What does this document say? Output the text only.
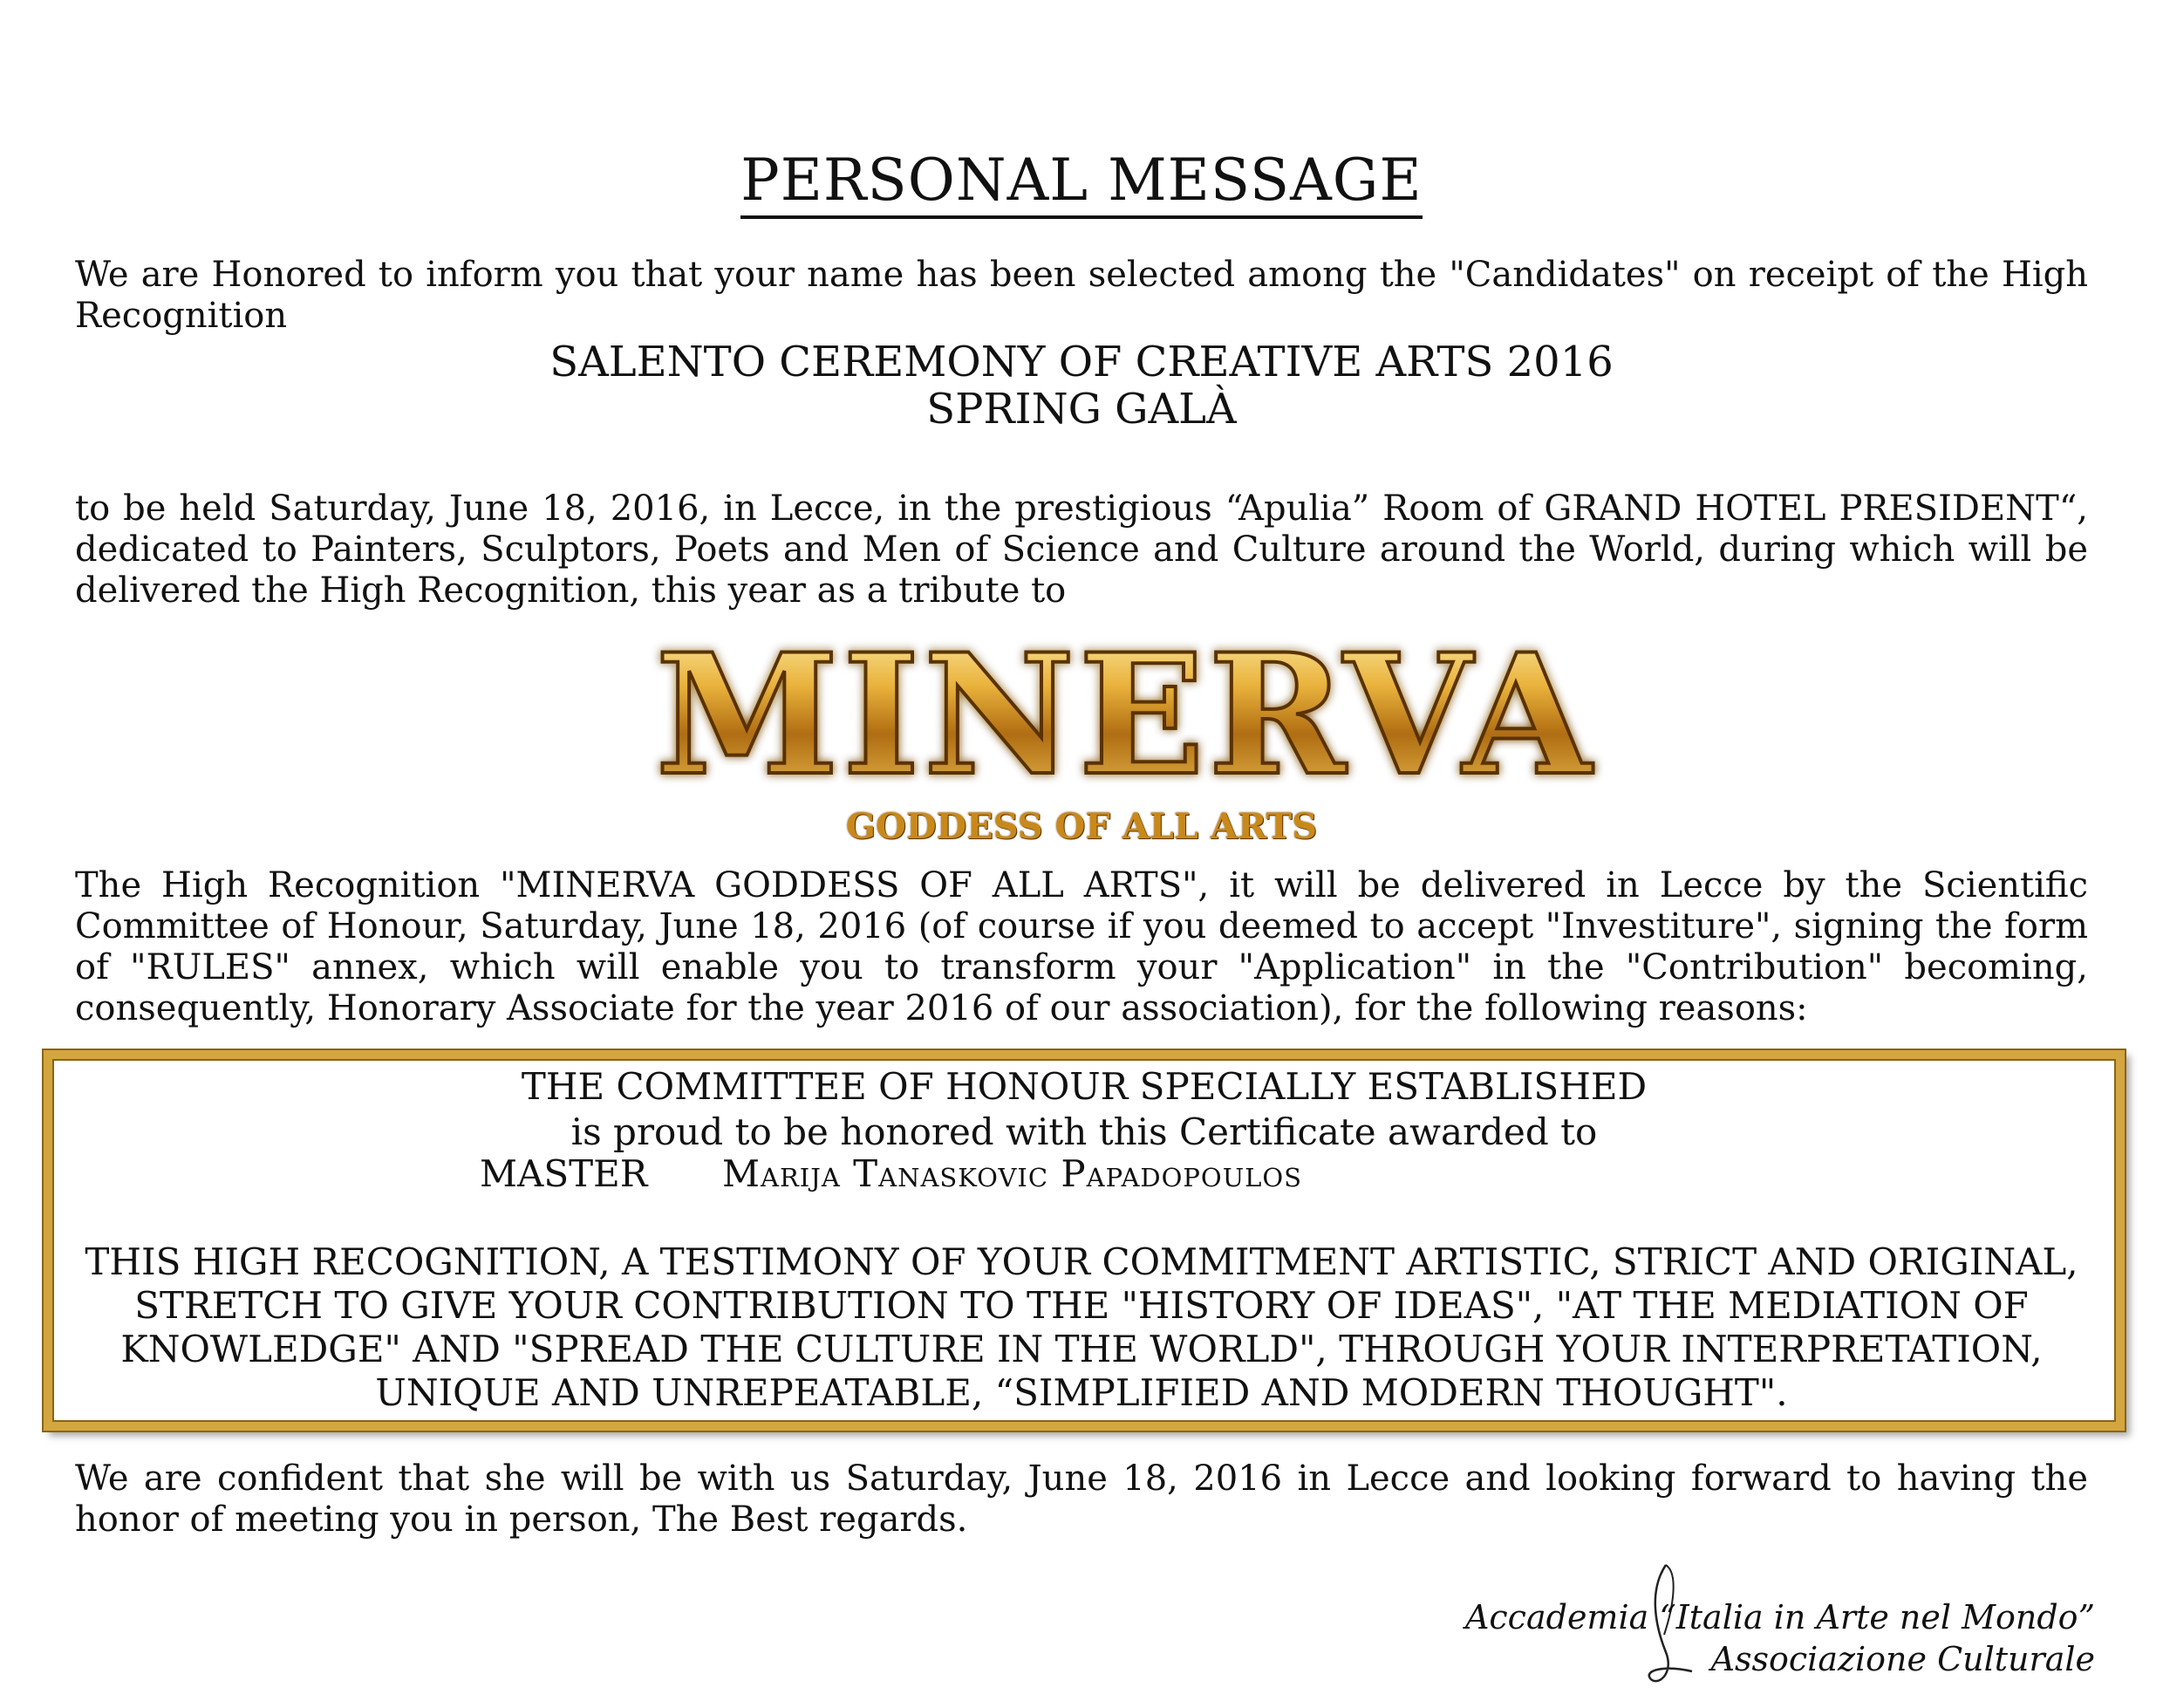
PERSONAL MESSAGE
We are Honored to inform you that your name has been selected among the "Candidates" on receipt of the High Recognition
SALENTO CEREMONY OF CREATIVE ARTS 2016
SPRING GALÀ
to be held Saturday, June 18, 2016, in Lecce, in the prestigious “Apulia” Room of GRAND HOTEL PRESIDENT“, dedicated to Painters, Sculptors, Poets and Men of Science and Culture around the World, during which will be delivered the High Recognition, this year as a tribute to
MINERVA
GODDESS OF ALL ARTS
The High Recognition "MINERVA GODDESS OF ALL ARTS", it will be delivered in Lecce by the Scientific Committee of Honour, Saturday, June 18, 2016 (of course if you deemed to accept "Investiture", signing the form of "RULES" annex, which will enable you to transform your "Application" in the "Contribution" becoming, consequently, Honorary Associate for the year 2016 of our association), for the following reasons:
THE COMMITTEE OF HONOUR SPECIALLY ESTABLISHED
is proud to be honored with this Certificate awarded to
MASTER Marija Tanaskovic Papadopoulos
THIS HIGH RECOGNITION, A TESTIMONY OF YOUR COMMITMENT ARTISTIC, STRICT AND ORIGINAL,
STRETCH TO GIVE YOUR CONTRIBUTION TO THE "HISTORY OF IDEAS", "AT THE MEDIATION OF
KNOWLEDGE" AND "SPREAD THE CULTURE IN THE WORLD", THROUGH YOUR INTERPRETATION,
UNIQUE AND UNREPEATABLE, “SIMPLIFIED AND MODERN THOUGHT".
We are confident that she will be with us Saturday, June 18, 2016 in Lecce and looking forward to having the honor of meeting you in person, The Best regards.
Accademia “Italia in Arte nel Mondo”
Associazione Culturale
